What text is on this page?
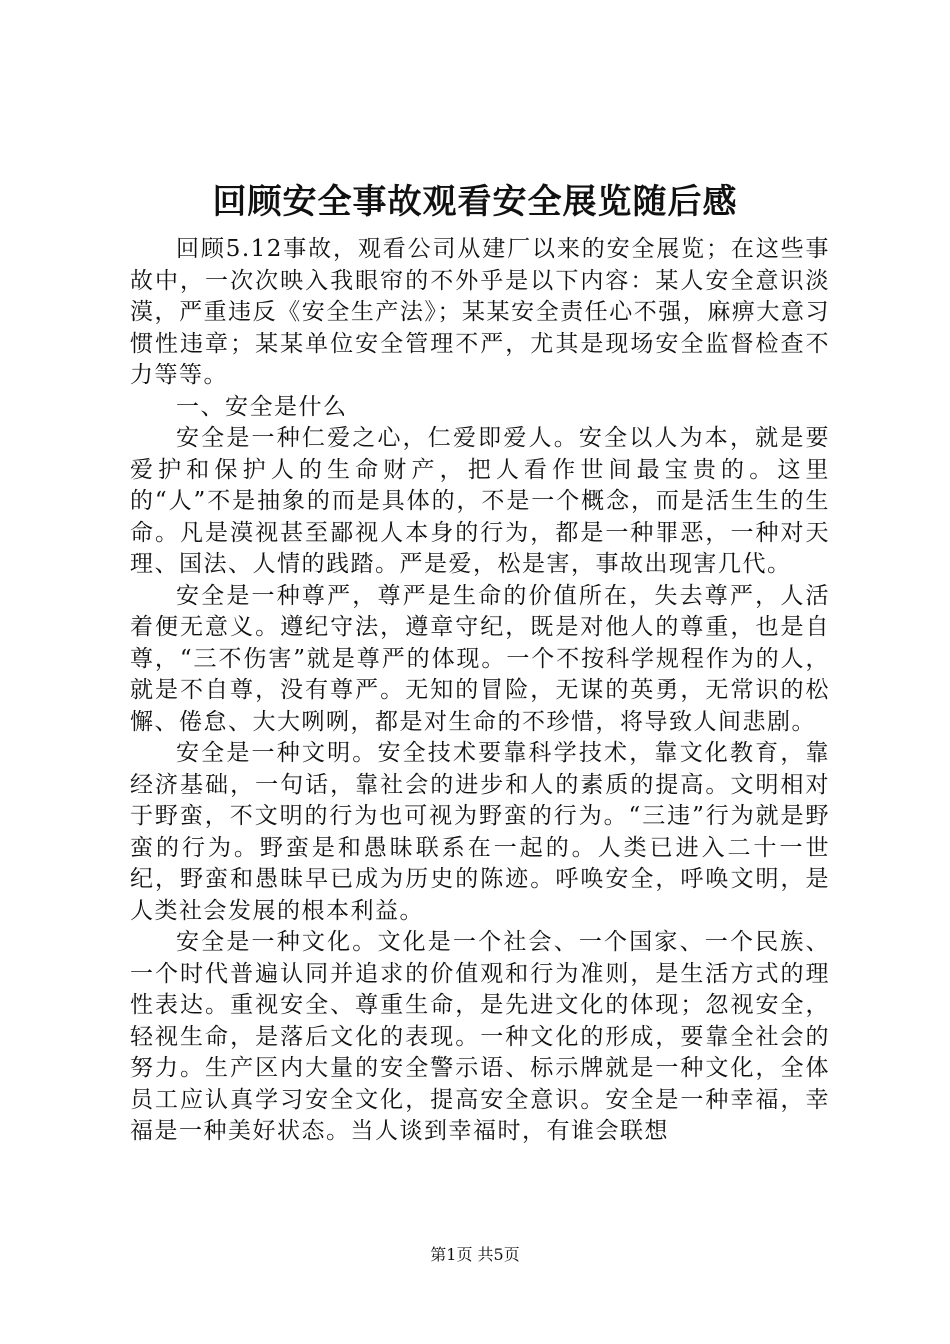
回顾安全事故观看安全展览随后感

回顾5.12事故，观看公司从建厂以来的安全展览；在这些事故中，一次次映入我眼帘的不外乎是以下内容：某人安全意识淡漠，严重违反《安全生产法》；某某安全责任心不强，麻痹大意习惯性违章；某某单位安全管理不严，尤其是现场安全监督检查不力等等。

一、安全是什么

安全是一种仁爱之心，仁爱即爱人。安全以人为本，就是要爱护和保护人的生命财产，把人看作世间最宝贵的。这里的“人”不是抽象的而是具体的，不是一个概念，而是活生生的生命。凡是漠视甚至鄙视人本身的行为，都是一种罪恶，一种对天理、国法、人情的践踏。严是爱，松是害，事故出现害几代。

安全是一种尊严，尊严是生命的价值所在，失去尊严，人活着便无意义。遵纪守法，遵章守纪，既是对他人的尊重，也是自尊，“三不伤害”就是尊严的体现。一个不按科学规程作为的人，就是不自尊，没有尊严。无知的冒险，无谋的英勇，无常识的松懈、倦怠、大大咧咧，都是对生命的不珍惜，将导致人间悲剧。

安全是一种文明。安全技术要靠科学技术，靠文化教育，靠经济基础，一句话，靠社会的进步和人的素质的提高。文明相对于野蛮，不文明的行为也可视为野蛮的行为。“三违”行为就是野蛮的行为。野蛮是和愚昧联系在一起的。人类已进入二十一世纪，野蛮和愚昧早已成为历史的陈迹。呼唤安全，呼唤文明，是人类社会发展的根本利益。

安全是一种文化。文化是一个社会、一个国家、一个民族、一个时代普遍认同并追求的价值观和行为准则，是生活方式的理性表达。重视安全、尊重生命，是先进文化的体现；忽视安全，轻视生命，是落后文化的表现。一种文化的形成，要靠全社会的努力。生产区内大量的安全警示语、标示牌就是一种文化，全体员工应认真学习安全文化，提高安全意识。安全是一种幸福，幸福是一种美好状态。当人谈到幸福时，有谁会联想

第1页 共5页
